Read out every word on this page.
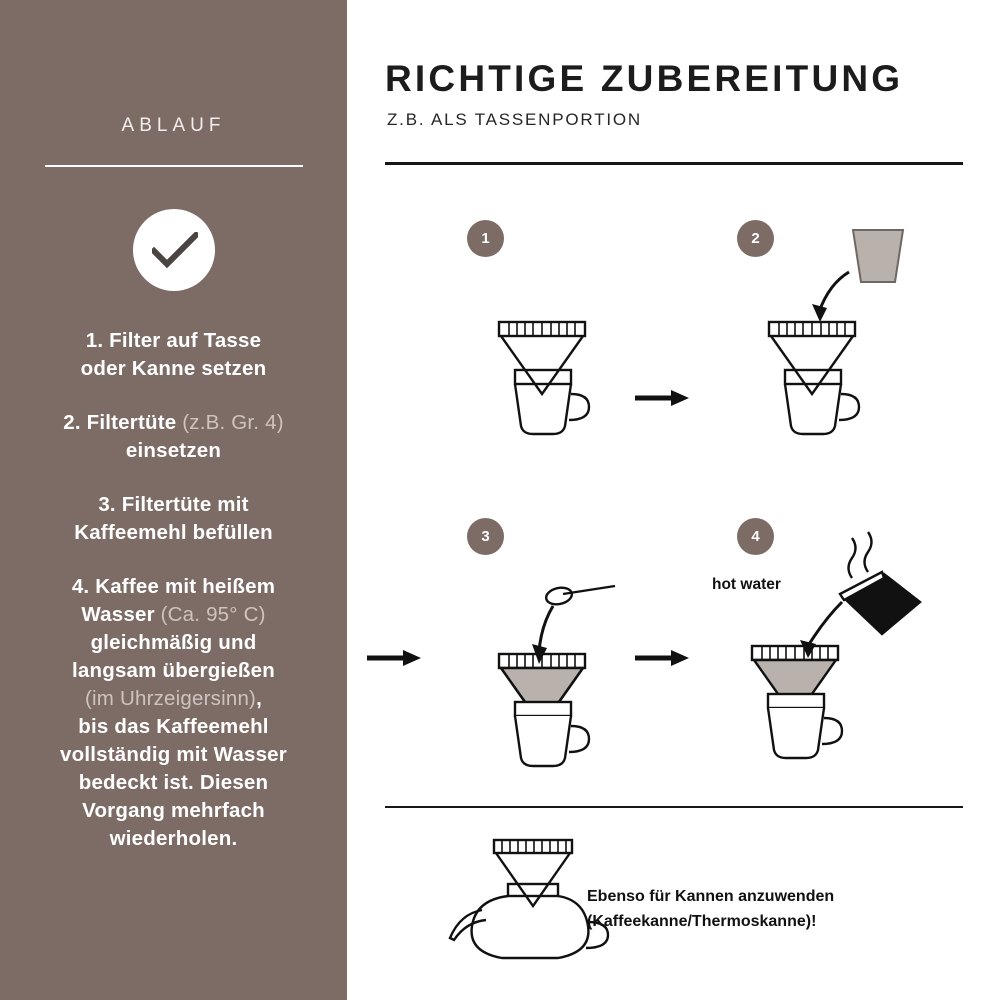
ABLAUF
1. Filter auf Tasse
oder Kanne setzen
2. Filtertüte (z.B. Gr. 4)
einsetzen
3. Filtertüte mit
Kaffeemehl befüllen
4. Kaffee mit heißem
Wasser (Ca. 95° C)
gleichmäßig und
langsam übergießen
(im Uhrzeigersinn),
bis das Kaffeemehl
vollständig mit Wasser
bedeckt ist. Diesen
Vorgang mehrfach
wiederholen.
RICHTIGE ZUBEREITUNG
Z.B. ALS TASSENPORTION
1	2
3	4
hot water
Ebenso für Kannen anzuwenden
(Kaffeekanne/Thermoskanne)!
